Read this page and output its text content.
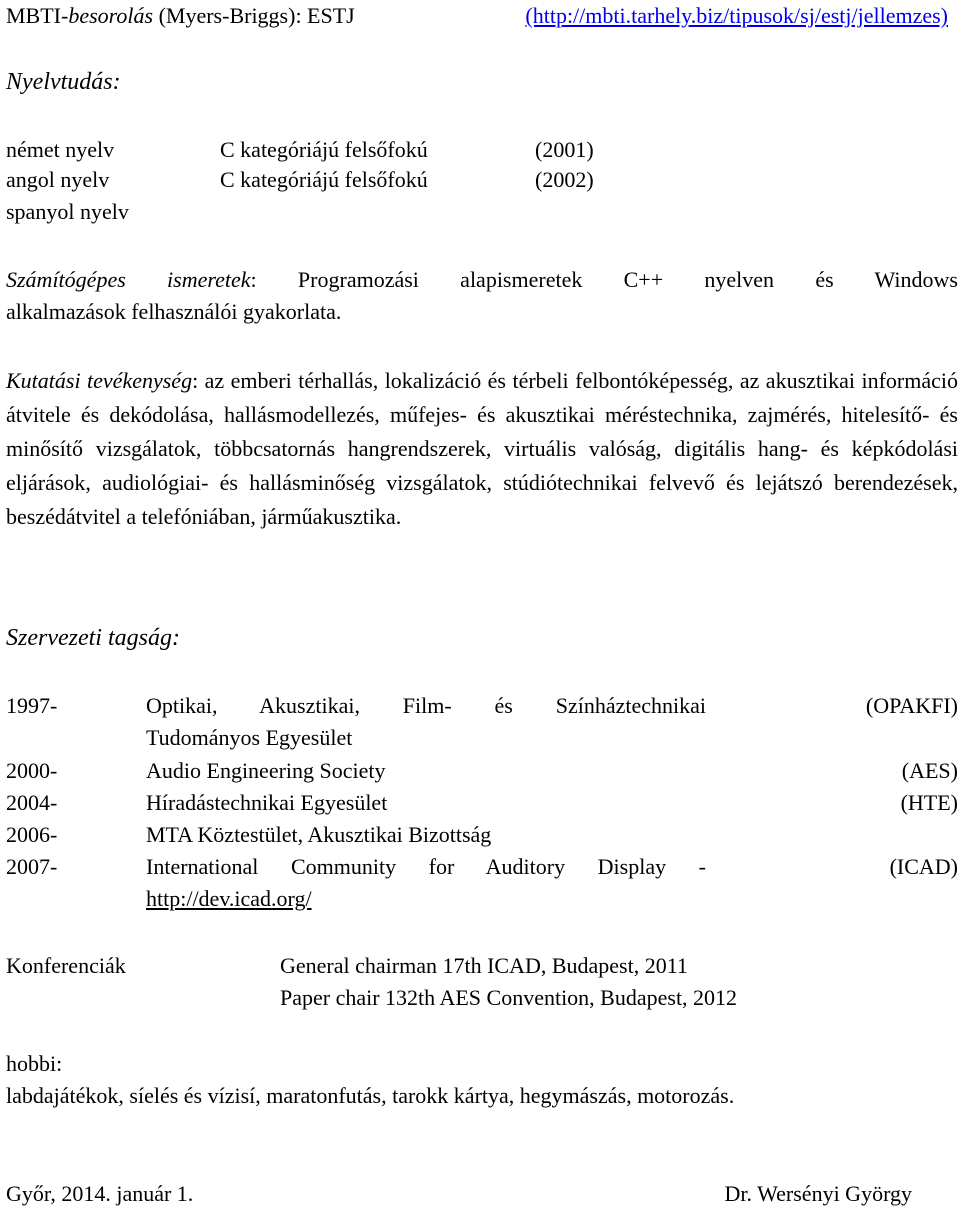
MBTI-besorolás (Myers-Briggs): ESTJ	(http://mbti.tarhely.biz/tipusok/sj/estj/jellemzes)
Nyelvtudás:
német nyelv	C kategóriájú felsőfokú	(2001)
angol nyelv	C kategóriájú felsőfokú	(2002)
spanyol nyelv

Számítógépes ismeretek: Programozási alapismeretek C++ nyelven és Windows

alkalmazások felhasználói gyakorlata.

Kutatási tevékenység: az emberi térhallás, lokalizáció és térbeli felbontóképesség, az akusztikai információ átvitele és dekódolása, hallásmodellezés, műfejes- és akusztikai méréstechnika, zajmérés, hitelesítő- és minősítő vizsgálatok, többcsatornás hangrendszerek, virtuális valóság, digitális hang- és képkódolási eljárások, audiológiai- és hallásminőség vizsgálatok, stúdiótechnikai felvevő és lejátszó berendezések, beszédátvitel a telefóniában, járműakusztika.

Szervezeti tagság:
1997-	Optikai, Akusztikai, Film- és Színháztechnikai	(OPAKFI)
Tudományos Egyesület
2000-	Audio Engineering Society	(AES)
2004-	Híradástechnikai Egyesület	(HTE)
2006-	MTA Köztestület, Akusztikai Bizottság
2007-	International Community for Auditory Display -	(ICAD)
http://dev.icad.org/
Konferenciák	General chairman 17th ICAD, Budapest, 2011
Paper chair 132th AES Convention, Budapest, 2012
hobbi:
labdajátékok, síelés és vízisí, maratonfutás, tarokk kártya, hegymászás, motorozás.
Győr, 2014. január 1.	Dr. Wersényi György
